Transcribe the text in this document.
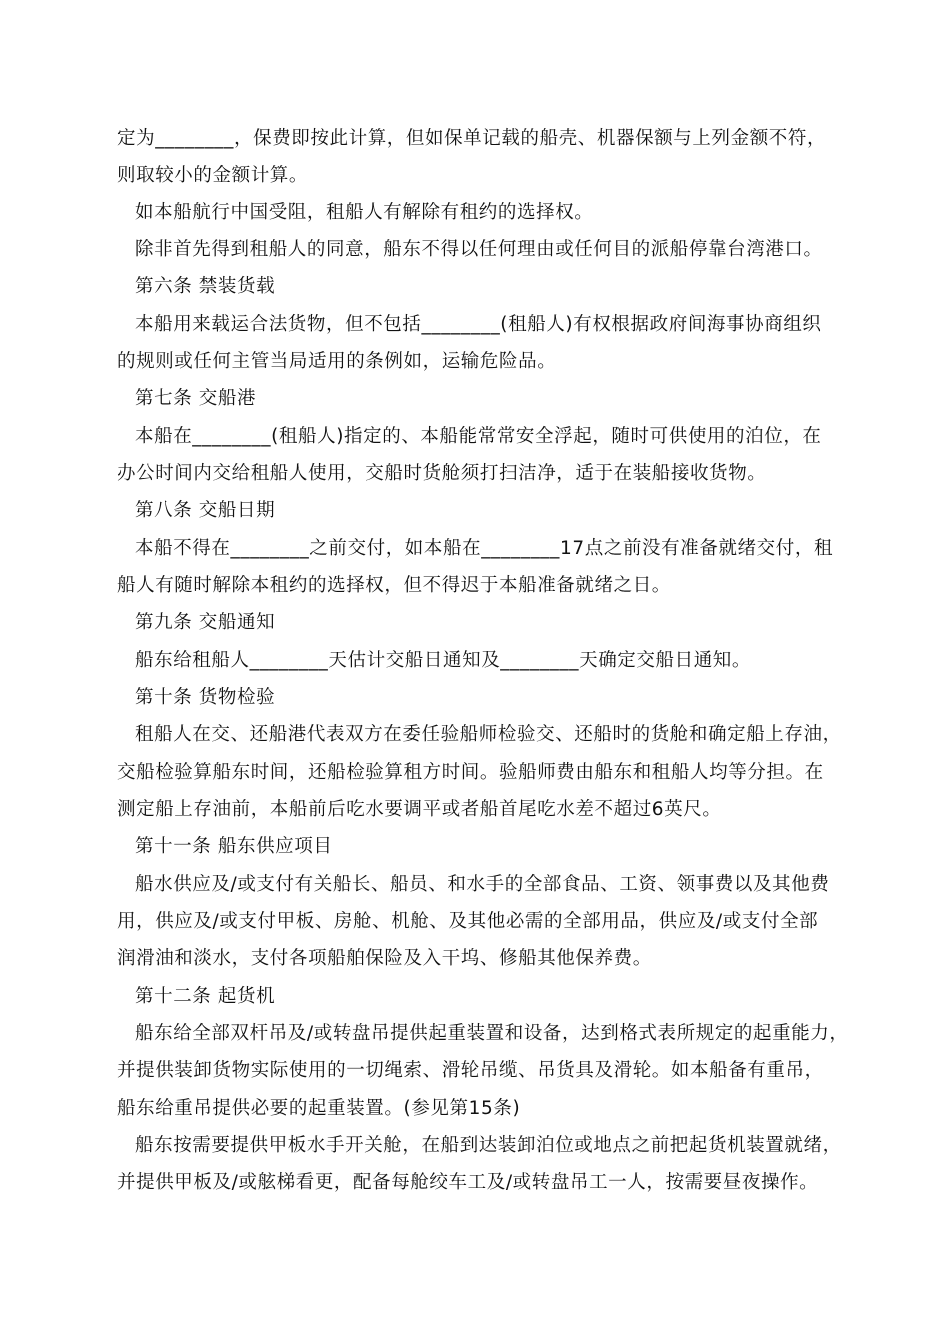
定为________，保费即按此计算，但如保单记载的船壳、机器保额与上列金额不符，
则取较小的金额计算。
如本船航行中国受阻，租船人有解除有租约的选择权。
除非首先得到租船人的同意，船东不得以任何理由或任何目的派船停靠台湾港口。
第六条 禁装货载
本船用来载运合法货物，但不包括________(租船人)有权根据政府间海事协商组织
的规则或任何主管当局适用的条例如，运输危险品。
第七条 交船港
本船在________(租船人)指定的、本船能常常安全浮起，随时可供使用的泊位，在
办公时间内交给租船人使用，交船时货舱须打扫洁净，适于在装船接收货物。
第八条 交船日期
本船不得在________之前交付，如本船在________17点之前没有准备就绪交付，租
船人有随时解除本租约的选择权，但不得迟于本船准备就绪之日。
第九条 交船通知
船东给租船人________天估计交船日通知及________天确定交船日通知。
第十条 货物检验
租船人在交、还船港代表双方在委任验船师检验交、还船时的货舱和确定船上存油，
交船检验算船东时间，还船检验算租方时间。验船师费由船东和租船人均等分担。在
测定船上存油前，本船前后吃水要调平或者船首尾吃水差不超过6英尺。
第十一条 船东供应项目
船水供应及/或支付有关船长、船员、和水手的全部食品、工资、领事费以及其他费
用，供应及/或支付甲板、房舱、机舱、及其他必需的全部用品，供应及/或支付全部
润滑油和淡水，支付各项船舶保险及入干坞、修船其他保养费。
第十二条 起货机
船东给全部双杆吊及/或转盘吊提供起重装置和设备，达到格式表所规定的起重能力，
并提供装卸货物实际使用的一切绳索、滑轮吊缆、吊货具及滑轮。如本船备有重吊，
船东给重吊提供必要的起重装置。(参见第15条)
船东按需要提供甲板水手开关舱，在船到达装卸泊位或地点之前把起货机装置就绪，
并提供甲板及/或舷梯看更，配备每舱绞车工及/或转盘吊工一人，按需要昼夜操作。
